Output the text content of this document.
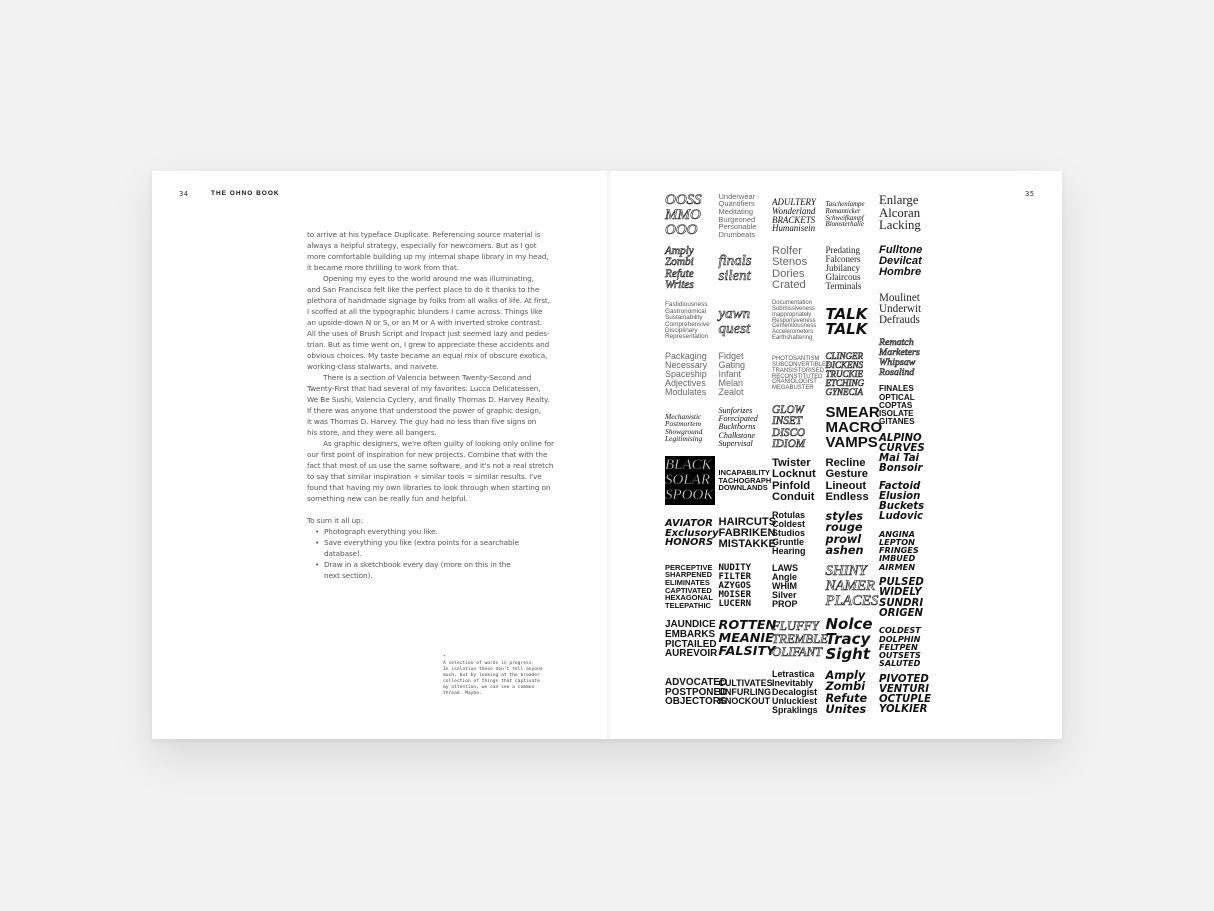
34	THE OHNO BOOK
to arrive at his typeface Duplicate. Referencing source material is
always a helpful strategy, especially for newcomers. But as I got
more comfortable building up my internal shape library in my head,
it became more thrilling to work from that.
Opening my eyes to the world around me was illuminating,
and San Francisco felt like the perfect place to do it thanks to the
plethora of handmade signage by folks from all walks of life. At first,
I scoffed at all the typographic blunders I came across. Things like
an upside-down N or S, or an M or A with inverted stroke contrast.
All the uses of Brush Script and Impact just seemed lazy and pedes-
trian. But as time went on, I grew to appreciate these accidents and
obvious choices. My taste became an equal mix of obscure exotica,
working-class stalwarts, and naivete.
There is a section of Valencia between Twenty-Second and
Twenty-First that had several of my favorites: Lucca Delicatessen,
We Be Sushi, Valencia Cyclery, and finally Thomas D. Harvey Realty.
If there was anyone that understood the power of graphic design,
it was Thomas D. Harvey. The guy had no less than five signs on
his store, and they were all bangers.
As graphic designers, we're often guilty of looking only online for
our first point of inspiration for new projects. Combine that with the
fact that most of us use the same software, and it's not a real stretch
to say that similar inspiration + similar tools = similar results. I've
found that having my own libraries to look through when starting on
something new can be really fun and helpful.
To sum it all up:
• Photograph everything you like.
• Save everything you like (extra points for a searchable
database).
• Draw in a sketchbook every day (more on this in the
next section).
*
A selection of words in progress.
In isolation these don't tell anyone
much, but by looking at the broader
collection of things that captivate
my attention, we can see a common
thread. Maybe.
35
OOSS
MMO
OOO
Amply
Zombi
Refute
Writes
Fastidiousness
Gastronomical
Sustainability
Comprehensive
Disciplinary
Representation
Packaging
Necessary
Spaceship
Adjectives
Modulates
Mechanistic
Postmortem
Showground
Legitimising
BLACK
SOLAR
SPOOK
AVIATOR
Exclusory
HONORS
PERCEPTIVE
SHARPENED
ELIMINATES
CAPTIVATED
HEXAGONAL
TELEPATHIC
JAUNDICE
EMBARKS
PICTAILED
AUREVOIR
ADVOCATED
POSTPONED
OBJECTORS
Underwear
Quantifiers
Meditating
Burgeoned
Personable
Drumbeats
finals
silent
yawn
quest
Fidget
Gating
Infant
Melan
Zealot
Sunforizes
Forecipated
Buckthorns
Chalkstone
Supervisal
INCAPABILITY
TACHOGRAPH
DOWNLANDS
HAIRCUTS
FABRIKEN
MISTAKKE
NUDITY
FILTER
AZYGOS
MOISER
LUCERN
ROTTEN
MEANIE
FALSITY
CULTIVATES
UNFURLING
KNOCKOUT
ADULTERY
Wonderland
BRACKETS
Humanisein
Rolfer
Stenos
Dories
Crated
Documentation
Submissiveness
Inappropriately
Responsiveness
Cementiousness
Accelerometers
Earthshattering
PHOTOSANTISM
SUBCONVERTIBLES
TRANSISTORISED
RECONSTITUTED
CRANIOLOGIST
MEGABUSTER
GLOW
INSET
DISCO
IDIOM
Twister
Locknut
Pinfold
Conduit
Rotulas
Coldest
Studios
Gruntle
Hearing
LAWS
Angle
WHIM
Silver
PROP
FLUFFY
TREMBLE
OLIFANT
Letrastica
Inevitably
Decalogist
Unluckiest
Spraklings
Taschenlampe
Romanticker
Schweifkampf
Blomsterhalle
Predating
Falconers
Jubilancy
Glaircous
Terminals
TALK
TALK
CLINGER
DICKENS
TRUCKIE
ETCHING
GYNECIA
SMEAR
MACRO
VAMPS
Recline
Gesture
Lineout
Endless
styles
rouge
prowl
ashen
SHINY
NAMER
PLACES
Nolce
Tracy
Sight
Amply
Zombi
Refute
Unites
Enlarge
Alcoran
Lacking
Fulltone
Devilcat
Hombre
Moulinet
Underwit
Defrauds
Rematch
Marketers
Whipsaw
Rosalind
FINALES
OPTICAL
COPTAS
ISOLATE
GITANES
ALPINO
CURVES
Mai Tai
Bonsoir
Factoid
Elusion
Buckets
Ludovic
ANGINA
LEPTON
FRINGES
IMBUED
AIRMEN
PULSED
WIDELY
SUNDRI
ORIGEN
COLDEST
DOLPHIN
FELTPEN
OUTSETS
SALUTED
PIVOTED
VENTURI
OCTUPLE
YOLKIER
